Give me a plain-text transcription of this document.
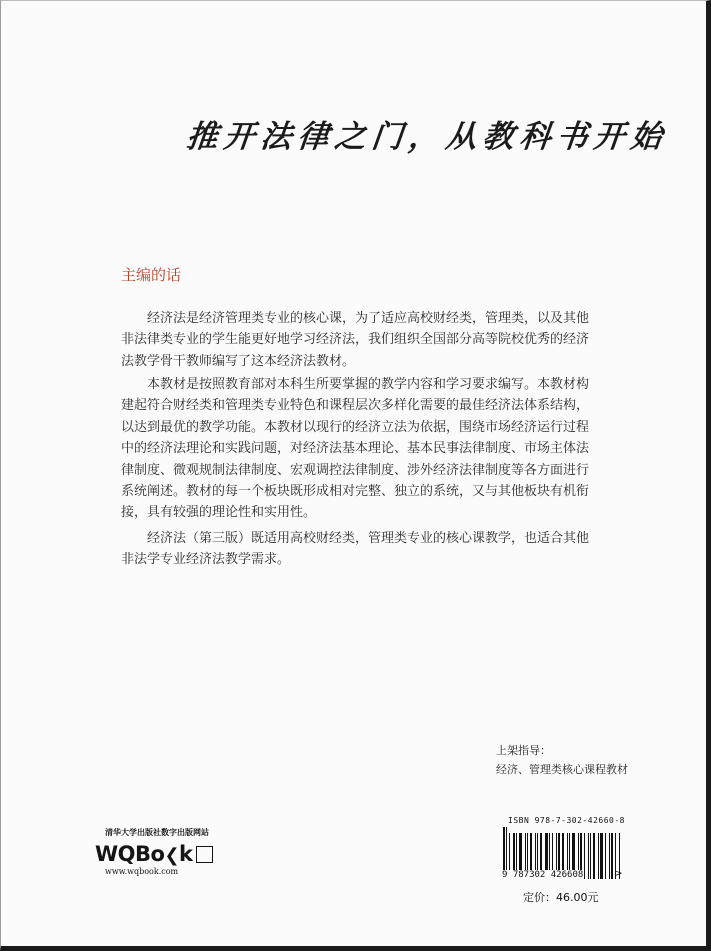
推开法律之门，从教科书开始
主编的话

经济法是经济管理类专业的核心课，为了适应高校财经类，管理类，以及其他非法律类专业的学生能更好地学习经济法，我们组织全国部分高等院校优秀的经济法教学骨干教师编写了这本经济法教材。

本教材是按照教育部对本科生所要掌握的教学内容和学习要求编写。本教材构建起符合财经类和管理类专业特色和课程层次多样化需要的最佳经济法体系结构，以达到最优的教学功能。本教材以现行的经济立法为依据，围绕市场经济运行过程中的经济法理论和实践问题，对经济法基本理论、基本民事法律制度、市场主体法律制度、微观规制法律制度、宏观调控法律制度、涉外经济法律制度等各方面进行系统阐述。教材的每一个板块既形成相对完整、独立的系统，又与其他板块有机衔接，具有较强的理论性和实用性。

经济法（第三版）既适用高校财经类，管理类专业的核心课教学，也适合其他非法学专业经济法教学需求。

上架指导：
经济、管理类核心课程教材
ISBN 978-7-302-42660-8
9 787302 426608	>
定价：46.00元
清华大学出版社数字出版网站
WQBo❮k
www.wqbook.com
